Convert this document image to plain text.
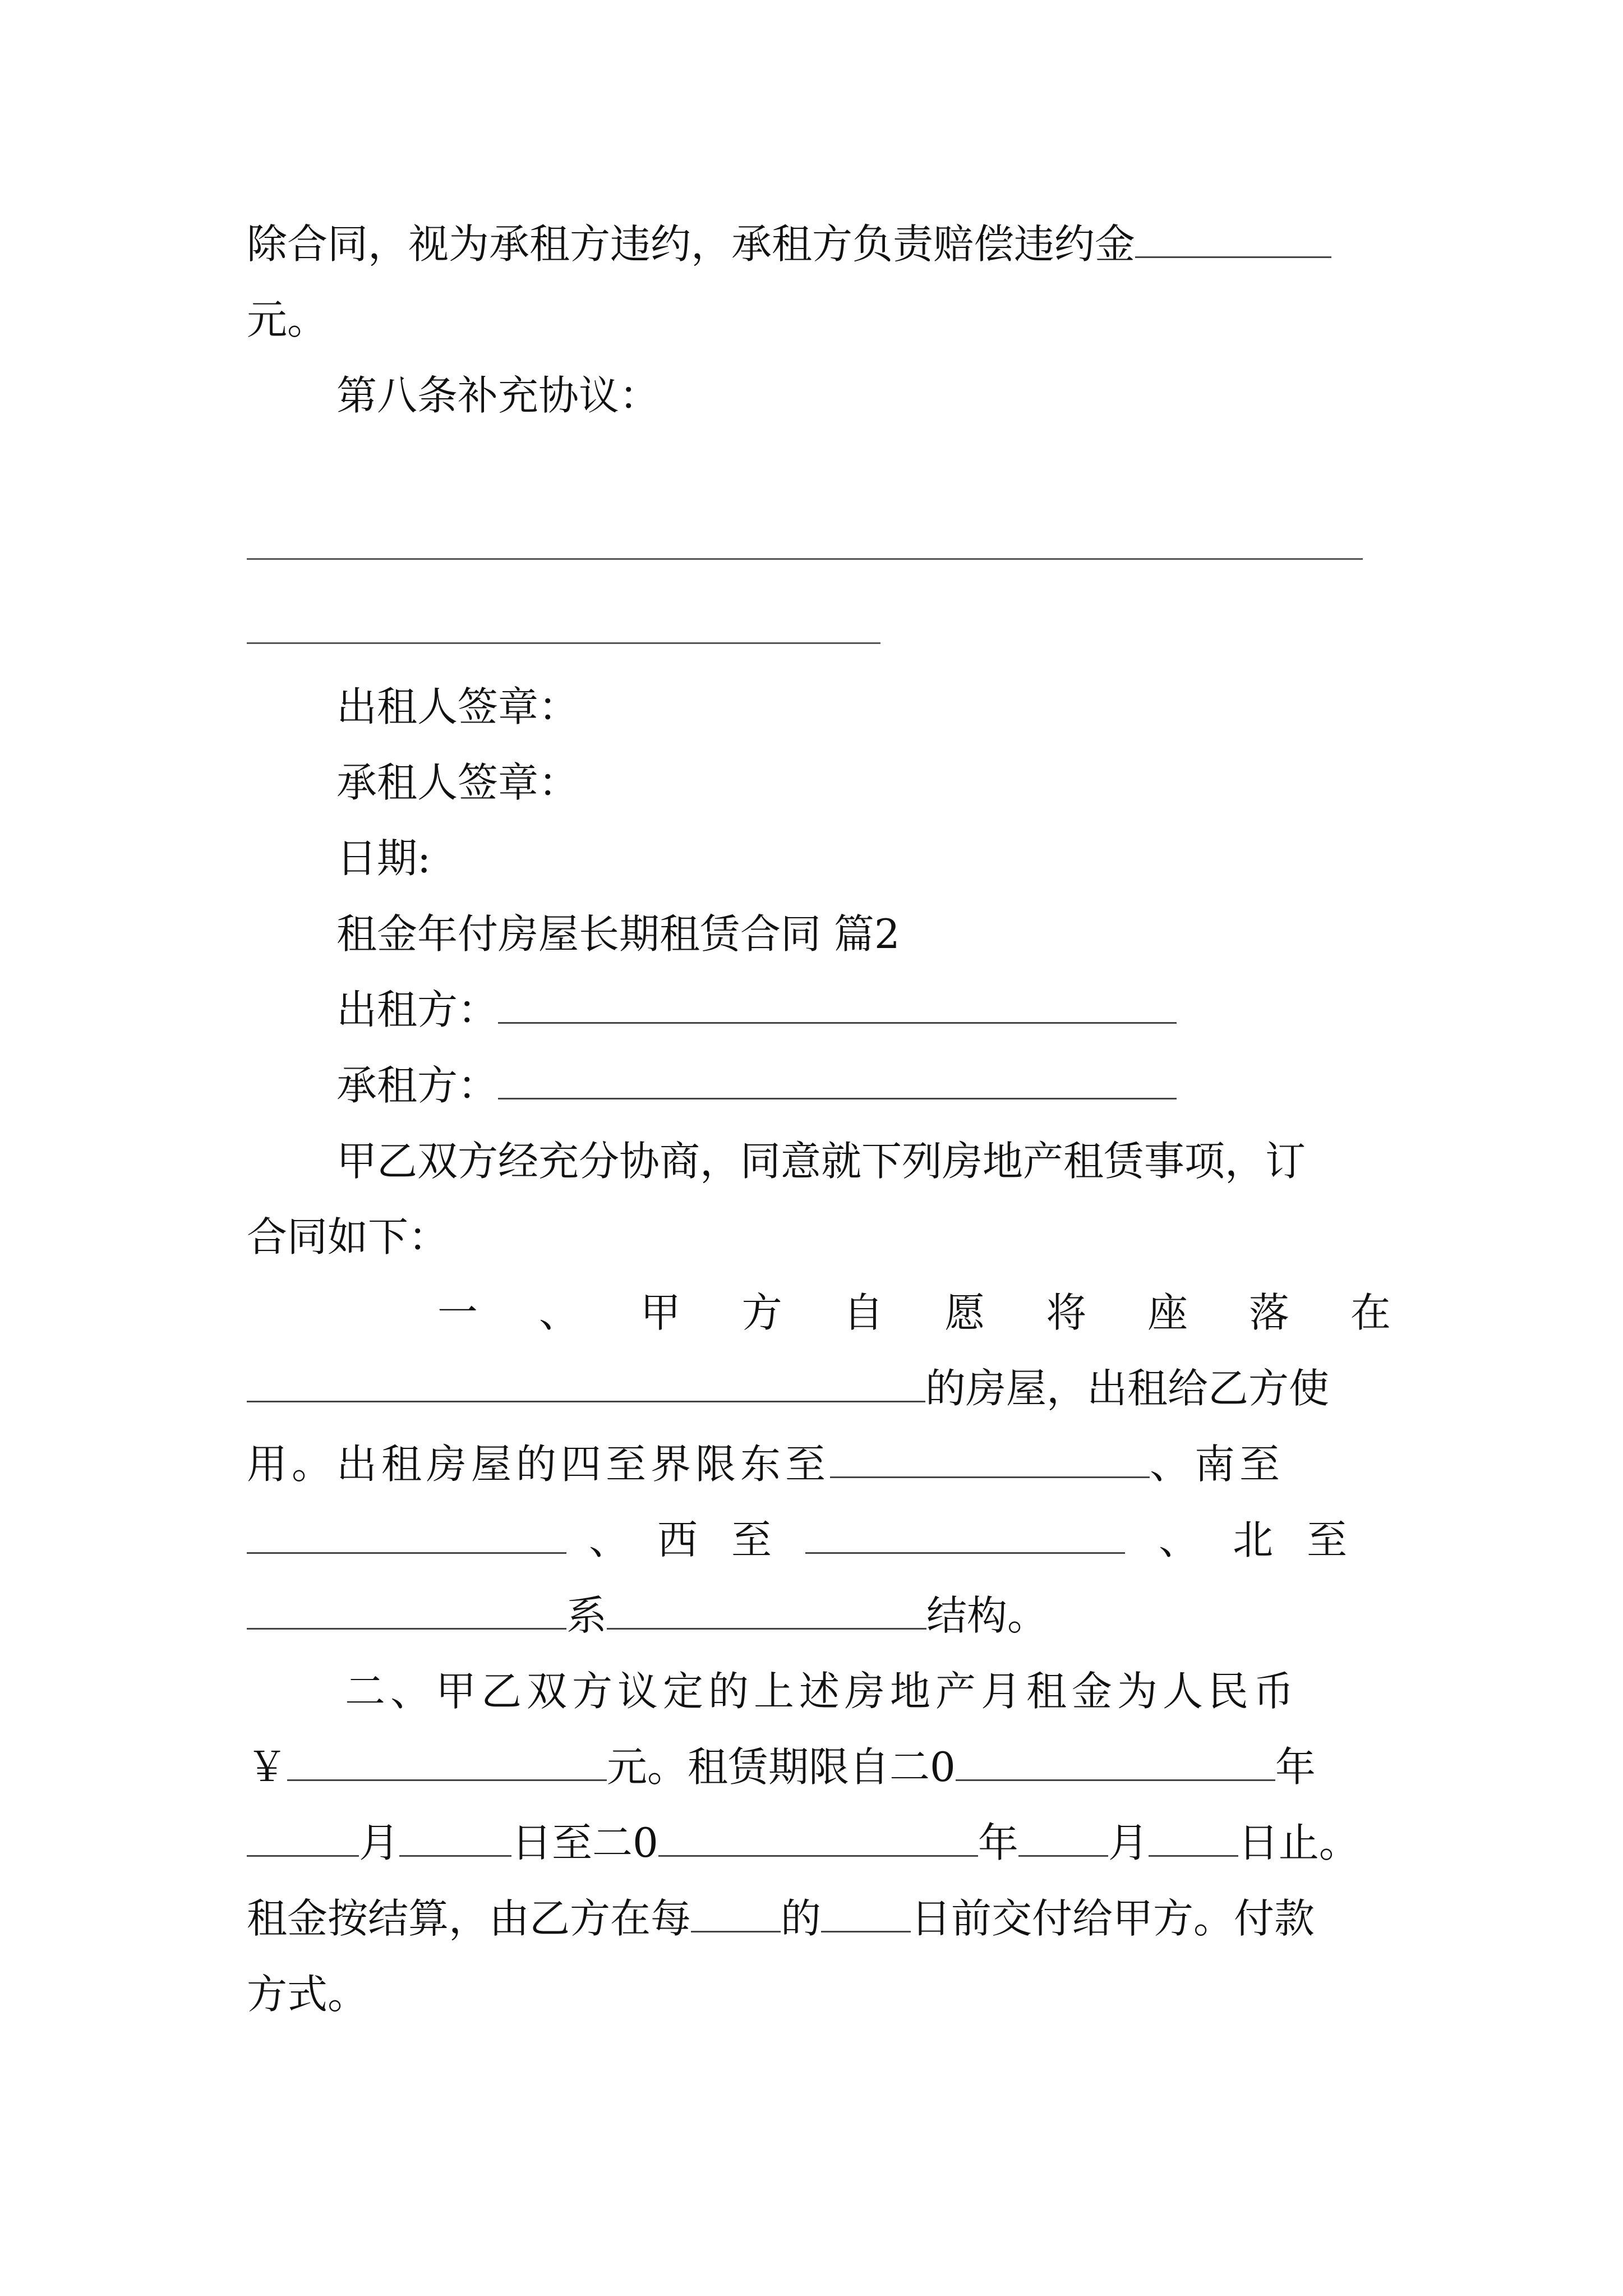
除合同，视为承租方违约，承租方负责赔偿违约金
元。
第八条补充协议：
出租人签章：
承租人签章：
日期:
租金年付房屋长期租赁合同 篇2
出租方：
承租方：
甲乙双方经充分协商，同意就下列房地产租赁事项，订
合同如下：
一 、 甲 方 自 愿 将 座 落 在
的房屋，出租给乙方使
用。出租房屋的四至界限东至	、南至
、 西 至	、 北 至
系	结构。
二、甲乙双方议定的上述房地产月租金为人民币
￥	元。租赁期限自二0	年
月	日至二0	年 月 日止。
租金按结算，由乙方在每 的 日前交付给甲方。付款
方式。
